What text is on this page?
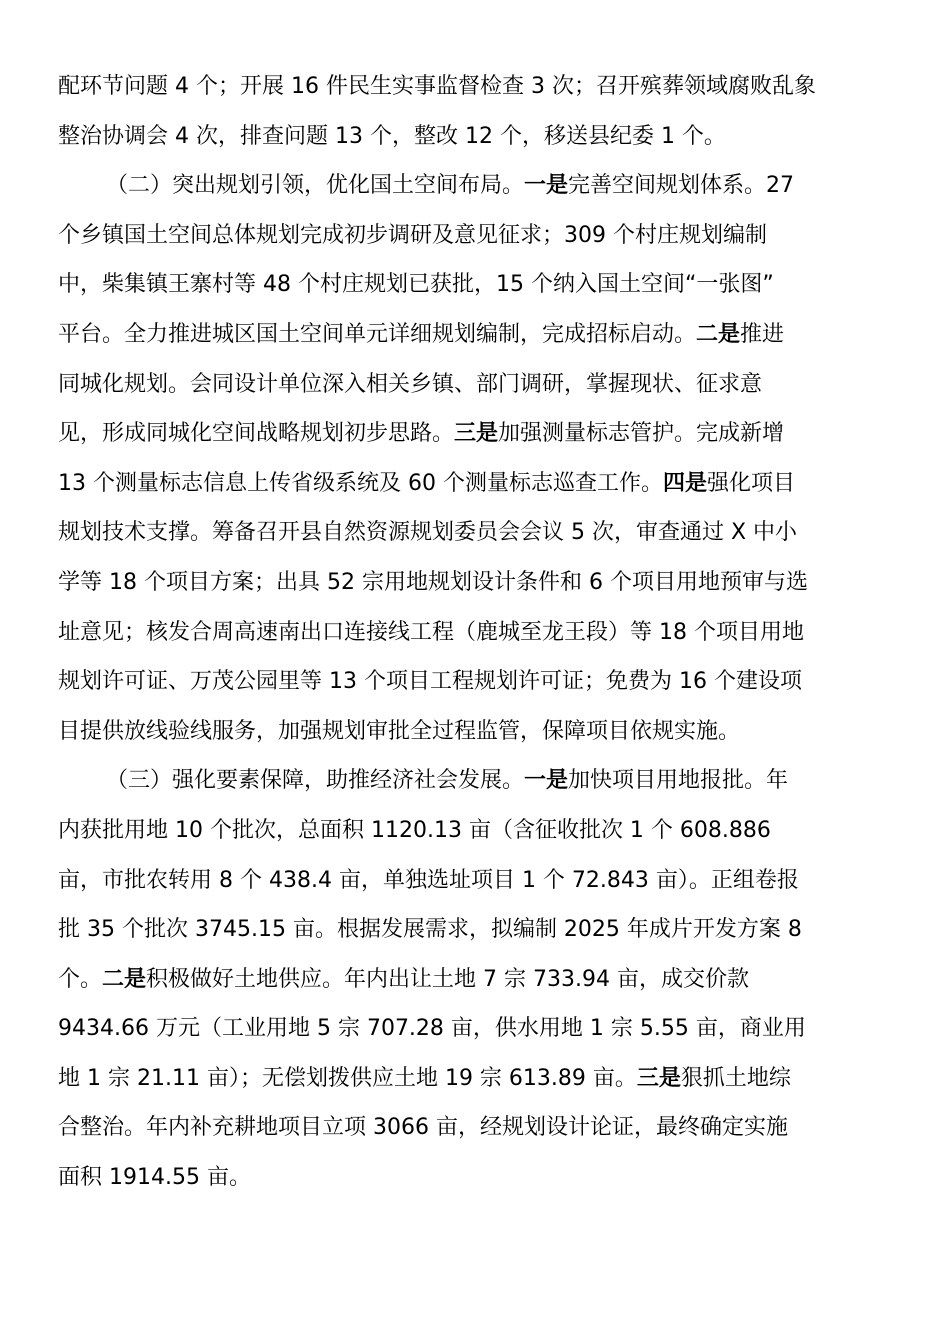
配环节问题 4 个；开展 16 件民生实事监督检查 3 次；召开殡葬领域腐败乱象
整治协调会 4 次，排查问题 13 个，整改 12 个，移送县纪委 1 个。
（二）突出规划引领，优化国土空间布局。一是完善空间规划体系。27
个乡镇国土空间总体规划完成初步调研及意见征求；309 个村庄规划编制
中，柴集镇王寨村等 48 个村庄规划已获批，15 个纳入国土空间“一张图”
平台。全力推进城区国土空间单元详细规划编制，完成招标启动。二是推进
同城化规划。会同设计单位深入相关乡镇、部门调研，掌握现状、征求意
见，形成同城化空间战略规划初步思路。三是加强测量标志管护。完成新增
13 个测量标志信息上传省级系统及 60 个测量标志巡查工作。四是强化项目
规划技术支撑。筹备召开县自然资源规划委员会会议 5 次，审查通过 X 中小
学等 18 个项目方案；出具 52 宗用地规划设计条件和 6 个项目用地预审与选
址意见；核发合周高速南出口连接线工程（鹿城至龙王段）等 18 个项目用地
规划许可证、万茂公园里等 13 个项目工程规划许可证；免费为 16 个建设项
目提供放线验线服务，加强规划审批全过程监管，保障项目依规实施。
（三）强化要素保障，助推经济社会发展。一是加快项目用地报批。年
内获批用地 10 个批次，总面积 1120.13 亩（含征收批次 1 个 608.886
亩，市批农转用 8 个 438.4 亩，单独选址项目 1 个 72.843 亩）。正组卷报
批 35 个批次 3745.15 亩。根据发展需求，拟编制 2025 年成片开发方案 8
个。二是积极做好土地供应。年内出让土地 7 宗 733.94 亩，成交价款
9434.66 万元（工业用地 5 宗 707.28 亩，供水用地 1 宗 5.55 亩，商业用
地 1 宗 21.11 亩）；无偿划拨供应土地 19 宗 613.89 亩。三是狠抓土地综
合整治。年内补充耕地项目立项 3066 亩，经规划设计论证，最终确定实施
面积 1914.55 亩。
